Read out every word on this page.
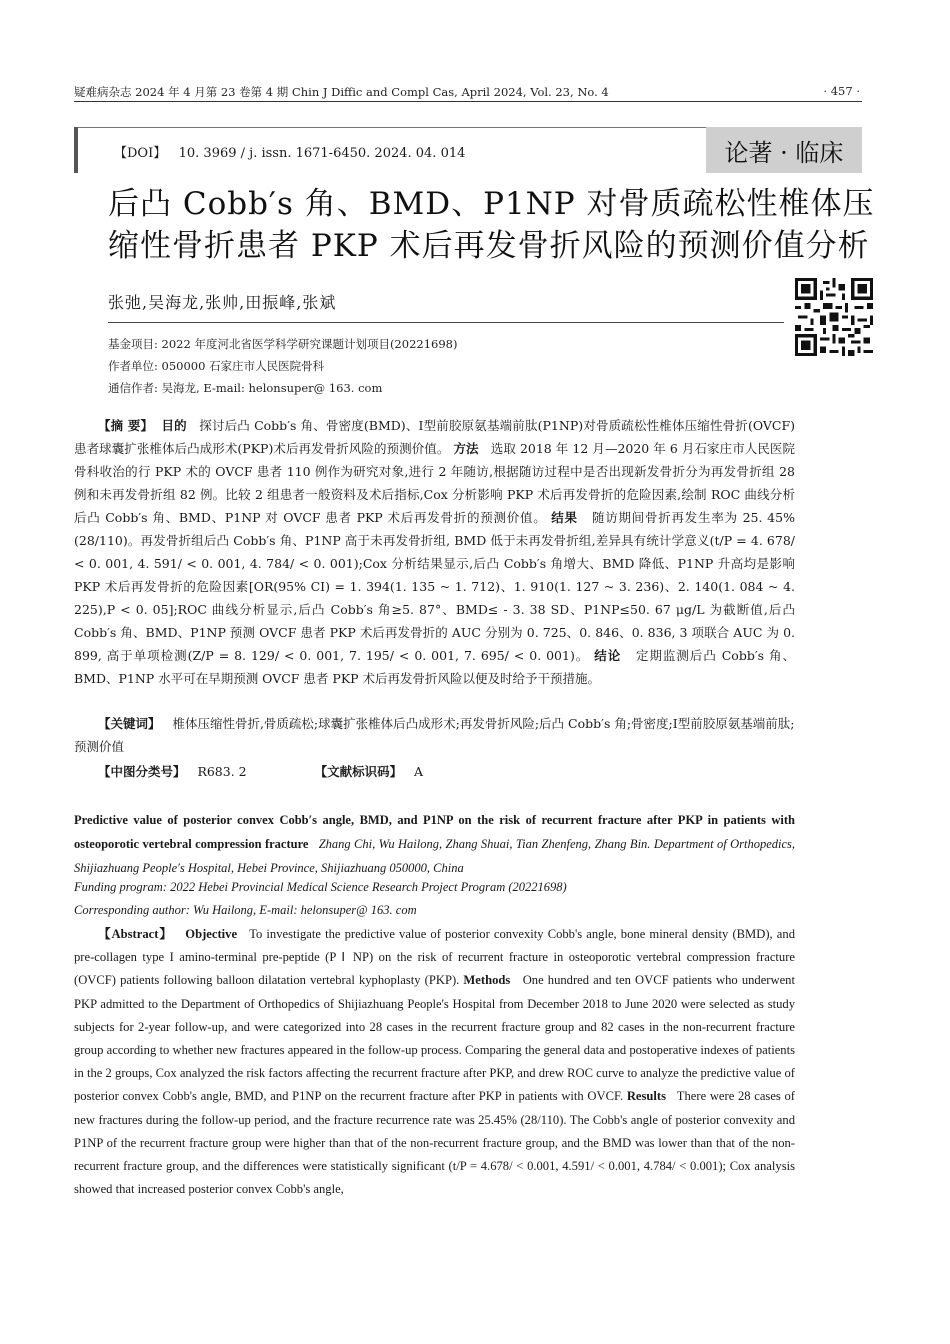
疑难病杂志 2024 年 4 月第 23 卷第 4 期 Chin J Diffic and Compl Cas, April 2024, Vol. 23, No. 4	· 457 ·
【DOI】 10. 3969 / j. issn. 1671-6450. 2024. 04. 014	论著 · 临床
后凸 Cobb′s 角、BMD、P1NP 对骨质疏松性椎体压缩性骨折患者 PKP 术后再发骨折风险的预测价值分析
张弛,吴海龙,张帅,田振峰,张斌
基金项目: 2022 年度河北省医学科学研究课题计划项目(20221698)
作者单位: 050000 石家庄市人民医院骨科
通信作者: 吴海龙, E-mail: helonsuper@ 163. com
【摘 要】 目的 探讨后凸 Cobb′s 角、骨密度(BMD)、Ⅰ型前胶原氨基端前肽(P1NP)对骨质疏松性椎体压缩性骨折(OVCF)患者球囊扩张椎体后凸成形术(PKP)术后再发骨折风险的预测价值。 方法 选取 2018 年 12 月—2020 年 6 月石家庄市人民医院骨科收治的行 PKP 术的 OVCF 患者 110 例作为研究对象,进行 2 年随访,根据随访过程中是否出现新发骨折分为再发骨折组 28 例和未再发骨折组 82 例。比较 2 组患者一般资料及术后指标,Cox 分析影响 PKP 术后再发骨折的危险因素,绘制 ROC 曲线分析后凸 Cobb′s 角、BMD、P1NP 对 OVCF 患者 PKP 术后再发骨折的预测价值。 结果 随访期间骨折再发生率为 25. 45% (28/110)。再发骨折组后凸 Cobb′s 角、P1NP 高于未再发骨折组, BMD 低于未再发骨折组,差异具有统计学意义(t/P = 4. 678/ < 0. 001, 4. 591/ < 0. 001, 4. 784/ < 0. 001);Cox 分析结果显示,后凸 Cobb′s 角增大、BMD 降低、P1NP 升高均是影响 PKP 术后再发骨折的危险因素[OR(95% CI) = 1. 394(1. 135 ~ 1. 712)、1. 910(1. 127 ~ 3. 236)、2. 140(1. 084 ~ 4. 225),P < 0. 05];ROC 曲线分析显示,后凸 Cobb′s 角≥5. 87°、BMD≤ - 3. 38 SD、P1NP≤50. 67 μg/L 为截断值,后凸 Cobb′s 角、BMD、P1NP 预测 OVCF 患者 PKP 术后再发骨折的 AUC 分别为 0. 725、0. 846、0. 836, 3 项联合 AUC 为 0. 899, 高于单项检测(Z/P = 8. 129/ < 0. 001, 7. 195/ < 0. 001, 7. 695/ < 0. 001)。 结论 定期监测后凸 Cobb′s 角、BMD、P1NP 水平可在早期预测 OVCF 患者 PKP 术后再发骨折风险以便及时给予干预措施。
【关键词】 椎体压缩性骨折,骨质疏松;球囊扩张椎体后凸成形术;再发骨折风险;后凸 Cobb′s 角;骨密度;Ⅰ型前胶原氨基端前肽;预测价值
【中图分类号】 R683. 2	【文献标识码】 A
Predictive value of posterior convex Cobb′s angle, BMD, and P1NP on the risk of recurrent fracture after PKP in patients with osteoporotic vertebral compression fracture Zhang Chi, Wu Hailong, Zhang Shuai, Tian Zhenfeng, Zhang Bin. Department of Orthopedics, Shijiazhuang People′s Hospital, Hebei Province, Shijiazhuang 050000, China
Funding program: 2022 Hebei Provincial Medical Science Research Project Program (20221698)
Corresponding author: Wu Hailong, E-mail: helonsuper@ 163. com
【Abstract】 Objective To investigate the predictive value of posterior convexity Cobb's angle, bone mineral density (BMD), and pre-collagen type I amino-terminal pre-peptide (P Ⅰ NP) on the risk of recurrent fracture in osteoporotic vertebral compression fracture (OVCF) patients following balloon dilatation vertebral kyphoplasty (PKP). Methods One hundred and ten OVCF patients who underwent PKP admitted to the Department of Orthopedics of Shijiazhuang People's Hospital from December 2018 to June 2020 were selected as study subjects for 2-year follow-up, and were categorized into 28 cases in the recurrent fracture group and 82 cases in the non-recurrent fracture group according to whether new fractures appeared in the follow-up process. Comparing the general data and postoperative indexes of patients in the 2 groups, Cox analyzed the risk factors affecting the recurrent fracture after PKP, and drew ROC curve to analyze the predictive value of posterior convex Cobb's angle, BMD, and P1NP on the recurrent fracture after PKP in patients with OVCF. Results There were 28 cases of new fractures during the follow-up period, and the fracture recurrence rate was 25.45% (28/110). The Cobb's angle of posterior convexity and P1NP of the recurrent fracture group were higher than that of the non-recurrent fracture group, and the BMD was lower than that of the non-recurrent fracture group, and the differences were statistically significant (t/P = 4.678/ < 0.001, 4.591/ < 0.001, 4.784/ < 0.001); Cox analysis showed that increased posterior convex Cobb's angle,
